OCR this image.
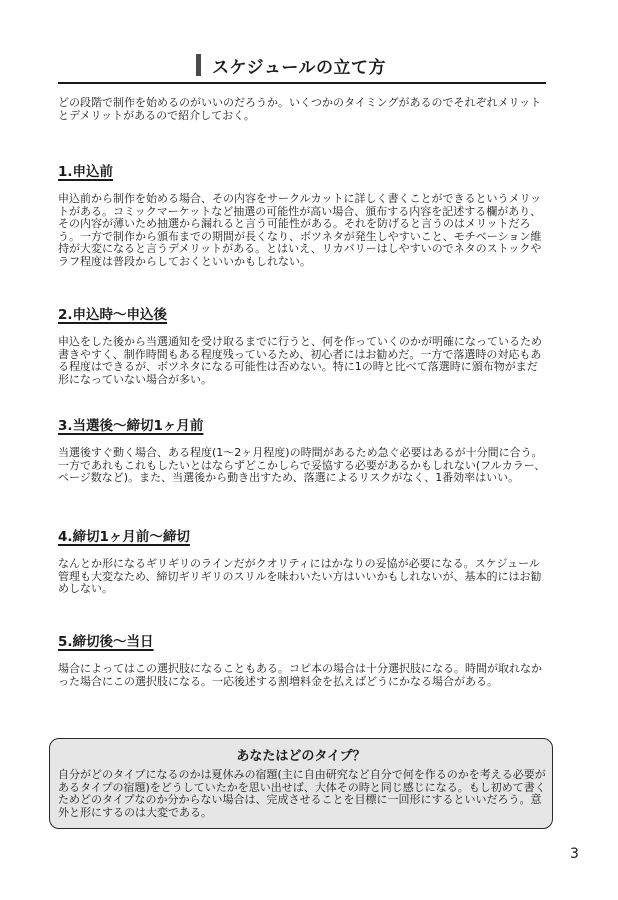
スケジュールの立て方
どの段階で制作を始めるのがいいのだろうか。いくつかのタイミングがあるのでそれぞれメリットとデメリットがあるので紹介しておく。
1.申込前
申込前から制作を始める場合、その内容をサークルカットに詳しく書くことができるというメリットがある。コミックマーケットなど抽選の可能性が高い場合、頒布する内容を記述する欄があり、その内容が薄いため抽選から漏れると言う可能性がある。それを防げると言うのはメリットだろう。一方で制作から頒布までの期間が長くなり、ボツネタが発生しやすいこと、モチベーション維持が大変になると言うデメリットがある。とはいえ、リカバリーはしやすいのでネタのストックやラフ程度は普段からしておくといいかもしれない。
2.申込時〜申込後
申込をした後から当選通知を受け取るまでに行うと、何を作っていくのかが明確になっているため書きやすく、制作時間もある程度残っているため、初心者にはお勧めだ。一方で落選時の対応もある程度はできるが、ボツネタになる可能性は否めない。特に1の時と比べて落選時に頒布物がまだ形になっていない場合が多い。
3.当選後〜締切1ヶ月前
当選後すぐ動く場合、ある程度(1〜2ヶ月程度)の時間があるため急ぐ必要はあるが十分間に合う。一方であれもこれもしたいとはならずどこかしらで妥協する必要があるかもしれない(フルカラー、ページ数など)。また、当選後から動き出すため、落選によるリスクがなく、1番効率はいい。
4.締切1ヶ月前〜締切
なんとか形になるギリギリのラインだがクオリティにはかなりの妥協が必要になる。スケジュール管理も大変なため、締切ギリギリのスリルを味わいたい方はいいかもしれないが、基本的にはお勧めしない。
5.締切後〜当日
場合によってはこの選択肢になることもある。コピ本の場合は十分選択肢になる。時間が取れなかった場合にこの選択肢になる。一応後述する割増料金を払えばどうにかなる場合がある。
あなたはどのタイプ？
自分がどのタイプになるのかは夏休みの宿題(主に自由研究など自分で何を作るのかを考える必要があるタイプの宿題)をどうしていたかを思い出せば、大体その時と同じ感じになる。もし初めて書くためどのタイプなのか分からない場合は、完成させることを目標に一回形にするといいだろう。意外と形にするのは大変である。
3
